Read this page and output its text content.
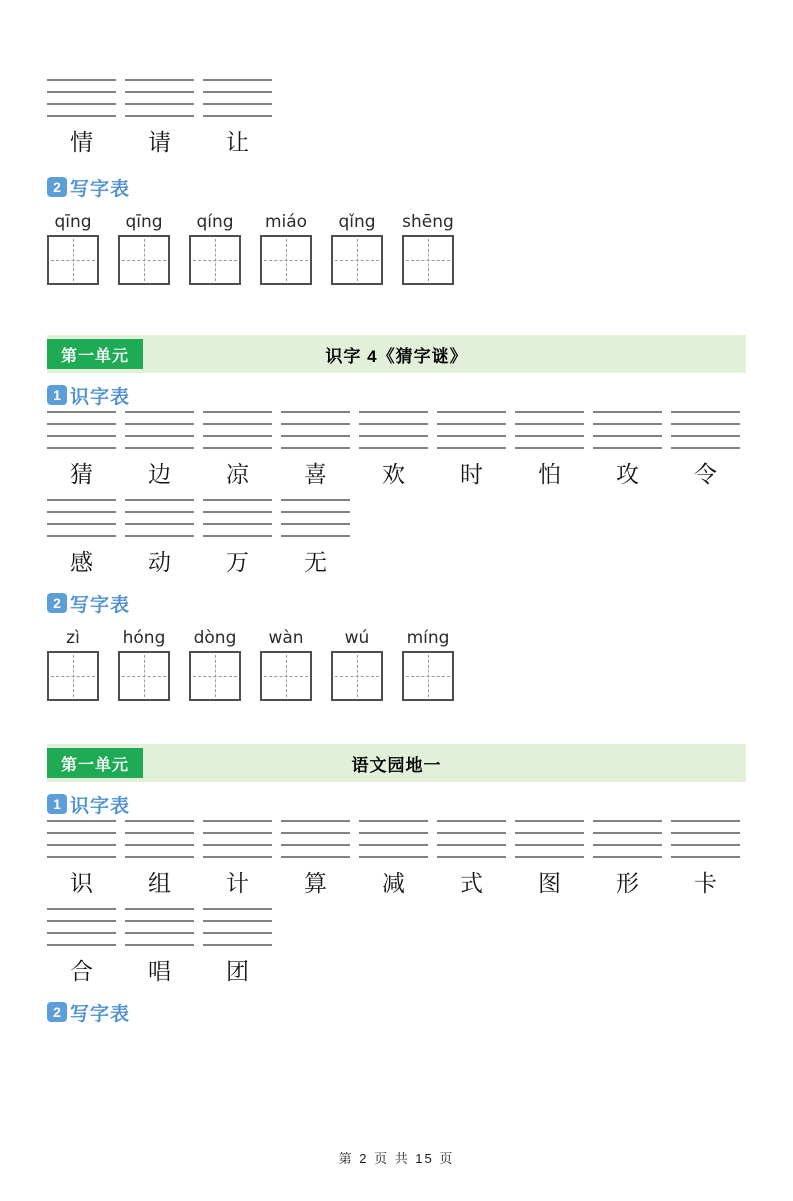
情	请	让
2 写字表
qīng	qīng	qíng	miáo	qǐng	shēng
第一单元	识字 4《猜字谜》
1 识字表
猜	边	凉	喜	欢	时	怕	攻	令
感	动	万	无
2 写字表
zì	hóng dòng	wàn	wú	míng
第一单元	语文园地一
1 识字表
识	组	计	算	减	式	图	形	卡
合	唱	团
2 写字表
第 2 页 共 15 页
